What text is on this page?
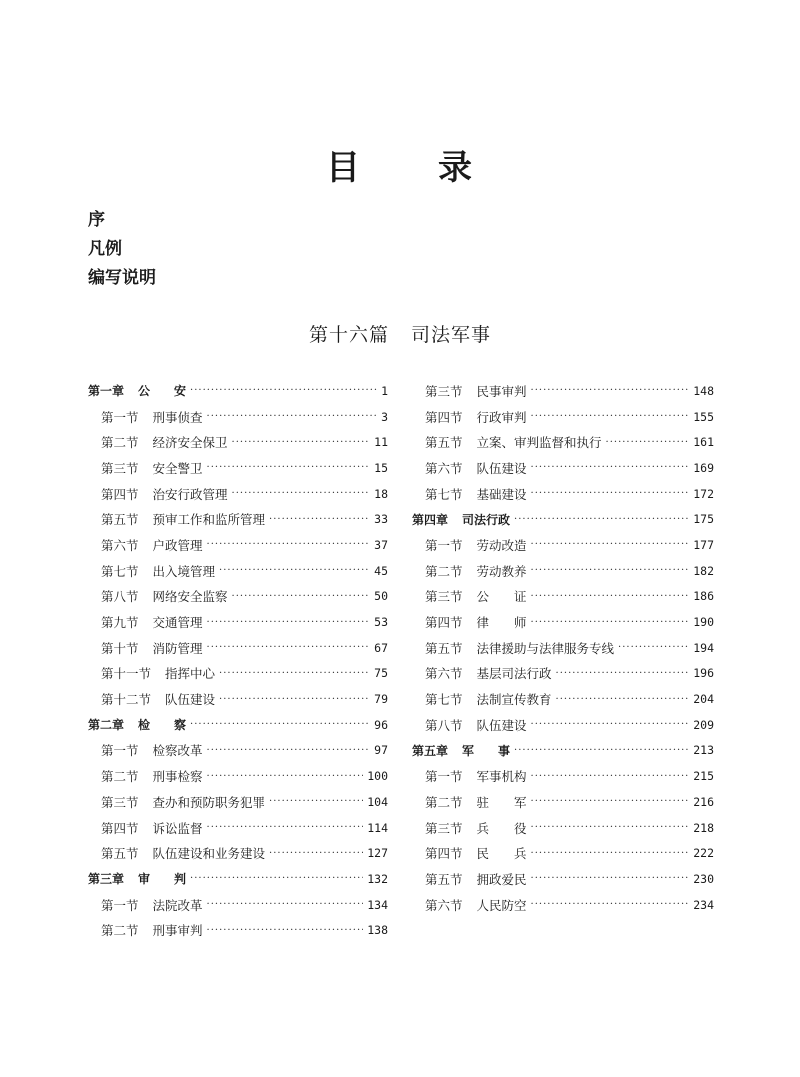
目 录
序
凡例
编写说明
第十六篇 司法军事
第一章 公　　安 ·····	1
第一节 刑事侦查 ·····	3
第二节 经济安全保卫 ·····	11
第三节 安全警卫 ·····	15
第四节 治安行政管理 ·····	18
第五节 预审工作和监所管理 ·····	33
第六节 户政管理 ·····	37
第七节 出入境管理 ·····	45
第八节 网络安全监察 ·····	50
第九节 交通管理 ·····	53
第十节 消防管理 ·····	67
第十一节 指挥中心 ·····	75
第十二节 队伍建设 ·····	79
第二章 检　　察 ·····	96
第一节 检察改革 ·····	97
第二节 刑事检察 ·····	100
第三节 查办和预防职务犯罪 ·····	104
第四节 诉讼监督 ·····	114
第五节 队伍建设和业务建设 ·····	127
第三章 审　　判 ·····	132
第一节 法院改革 ·····	134
第二节 刑事审判 ·····	138
第三节 民事审判 ·····	148
第四节 行政审判 ·····	155
第五节 立案、审判监督和执行 ·····	161
第六节 队伍建设 ·····	169
第七节 基础建设 ·····	172
第四章 司法行政 ·····	175
第一节 劳动改造 ·····	177
第二节 劳动教养 ·····	182
第三节 公　　证 ·····	186
第四节 律　　师 ·····	190
第五节 法律援助与法律服务专线 ·····	194
第六节 基层司法行政 ·····	196
第七节 法制宣传教育 ·····	204
第八节 队伍建设 ·····	209
第五章 军　　事 ·····	213
第一节 军事机构 ·····	215
第二节 驻　　军 ·····	216
第三节 兵　　役 ·····	218
第四节 民　　兵 ·····	222
第五节 拥政爱民 ·····	230
第六节 人民防空 ·····	234
